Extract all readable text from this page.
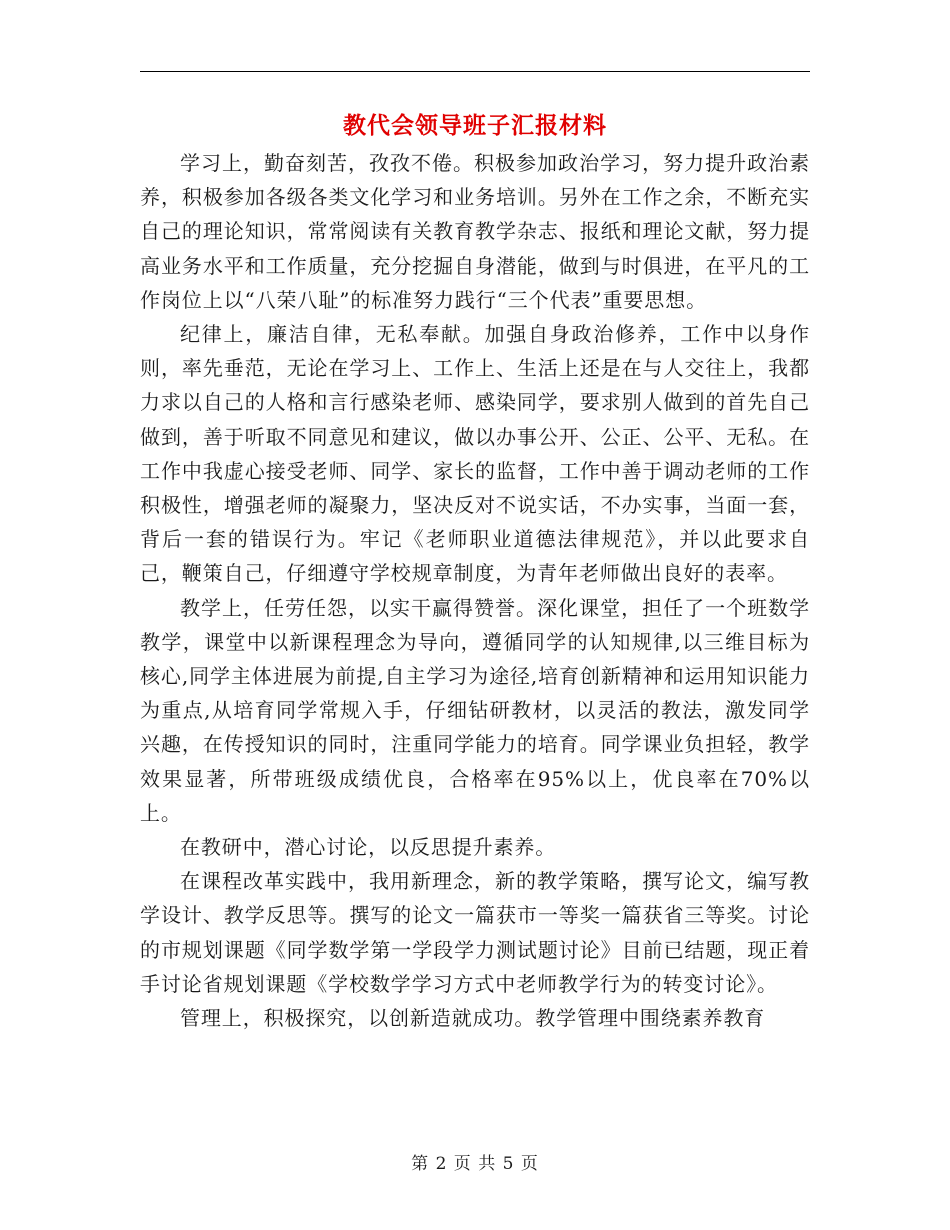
教代会领导班子汇报材料

学习上，勤奋刻苦，孜孜不倦。积极参加政治学习，努力提升政治素养，积极参加各级各类文化学习和业务培训。另外在工作之余，不断充实自己的理论知识，常常阅读有关教育教学杂志、报纸和理论文献，努力提高业务水平和工作质量，充分挖掘自身潜能，做到与时俱进，在平凡的工作岗位上以“八荣八耻”的标准努力践行“三个代表”重要思想。

纪律上，廉洁自律，无私奉献。加强自身政治修养，工作中以身作则，率先垂范，无论在学习上、工作上、生活上还是在与人交往上，我都力求以自己的人格和言行感染老师、感染同学，要求别人做到的首先自己做到，善于听取不同意见和建议，做以办事公开、公正、公平、无私。在工作中我虚心接受老师、同学、家长的监督，工作中善于调动老师的工作积极性，增强老师的凝聚力，坚决反对不说实话，不办实事，当面一套，背后一套的错误行为。牢记《老师职业道德法律规范》，并以此要求自己，鞭策自己，仔细遵守学校规章制度，为青年老师做出良好的表率。

教学上，任劳任怨，以实干赢得赞誉。深化课堂，担任了一个班数学教学，课堂中以新课程理念为导向，遵循同学的认知规律,以三维目标为核心,同学主体进展为前提,自主学习为途径,培育创新精神和运用知识能力为重点,从培育同学常规入手，仔细钻研教材，以灵活的教法，激发同学兴趣，在传授知识的同时，注重同学能力的培育。同学课业负担轻，教学效果显著，所带班级成绩优良，合格率在95%以上，优良率在70%以上。

在教研中，潜心讨论，以反思提升素养。

在课程改革实践中，我用新理念，新的教学策略，撰写论文，编写教学设计、教学反思等。撰写的论文一篇获市一等奖一篇获省三等奖。讨论的市规划课题《同学数学第一学段学力测试题讨论》目前已结题，现正着手讨论省规划课题《学校数学学习方式中老师教学行为的转变讨论》。

管理上，积极探究，以创新造就成功。教学管理中围绕素养教育

第 2 页 共 5 页
